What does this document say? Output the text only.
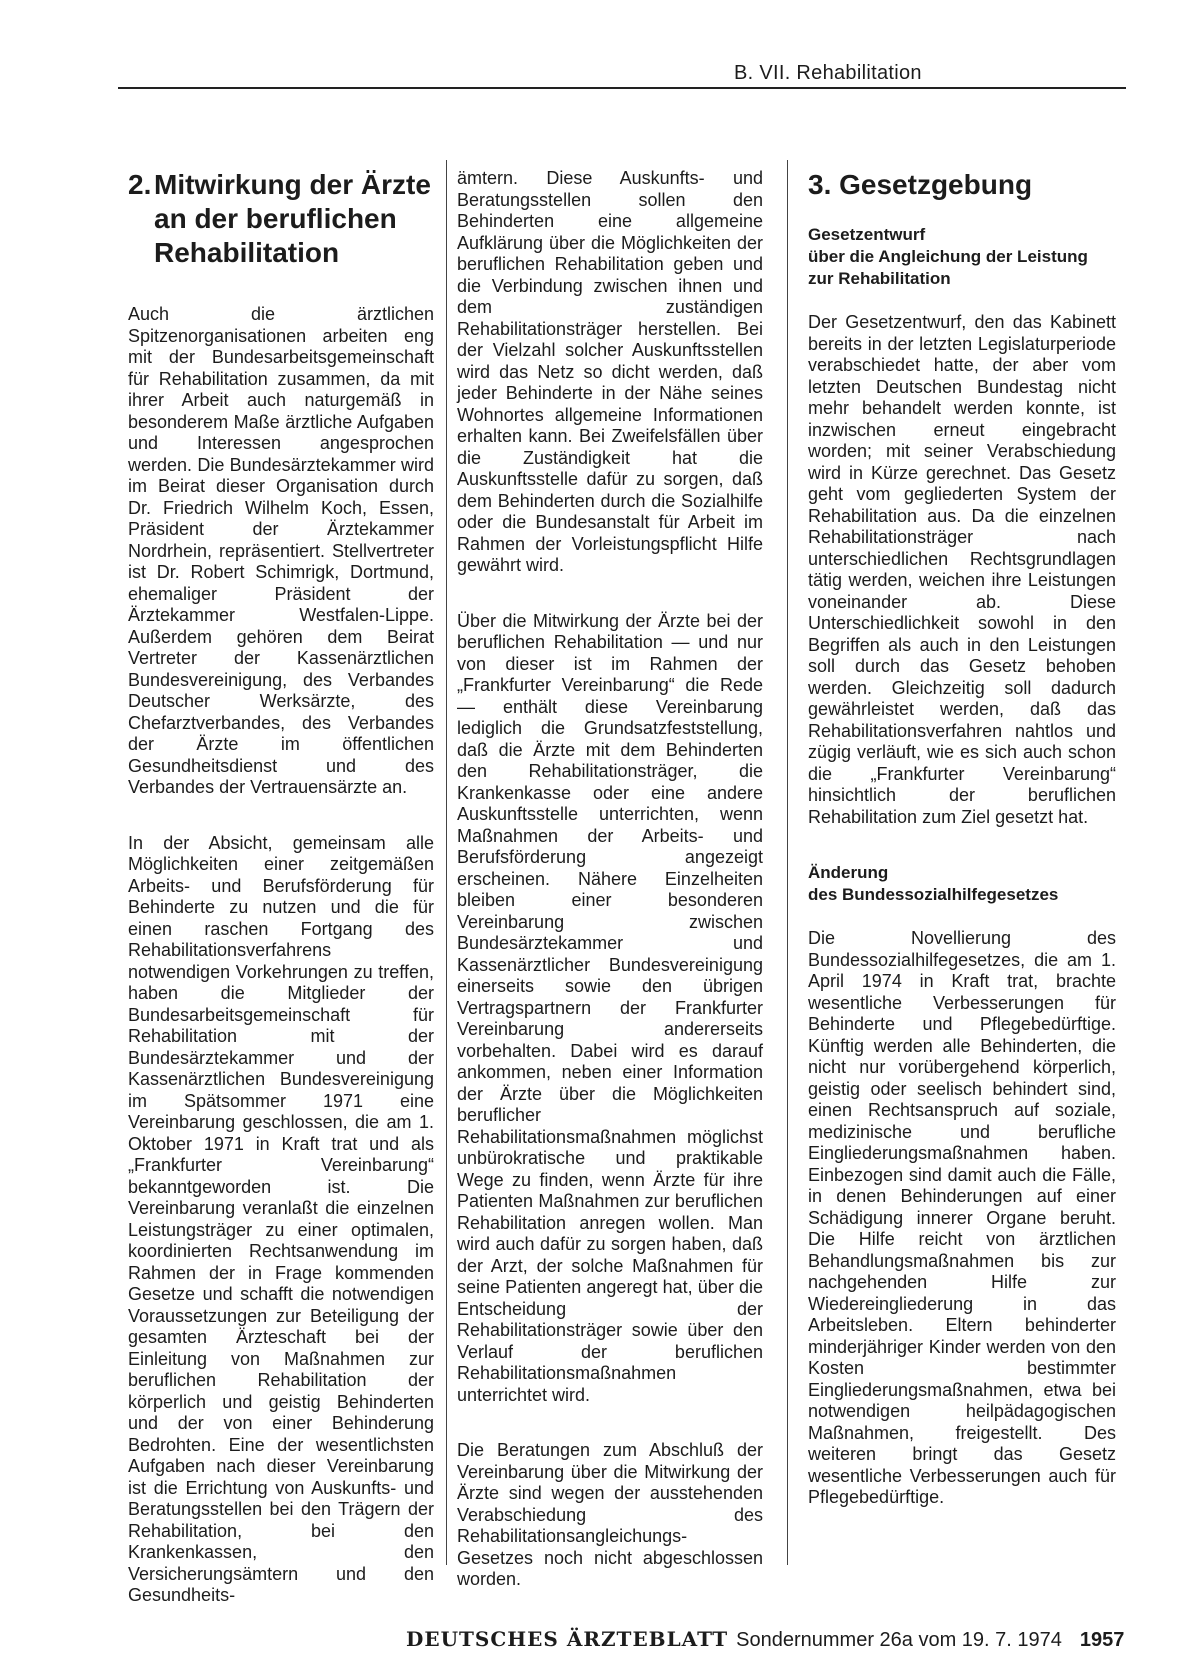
B. VII. Rehabilitation
2.Mitwirkung der Ärzte
an der beruflichen
Rehabilitation

Auch die ärztlichen Spitzenorganisationen arbeiten eng mit der Bundesarbeitsgemeinschaft für Rehabilitation zusammen, da mit ihrer Arbeit auch naturgemäß in besonderem Maße ärztliche Aufgaben und Interessen angesprochen werden. Die Bundesärztekammer wird im Beirat dieser Organisation durch Dr. Friedrich Wilhelm Koch, Essen, Präsident der Ärztekammer Nordrhein, repräsentiert. Stellvertreter ist Dr. Robert Schimrigk, Dortmund, ehemaliger Präsident der Ärztekammer Westfalen-Lippe. Außerdem gehören dem Beirat Vertreter der Kassenärztlichen Bundesvereinigung, des Verbandes Deutscher Werksärzte, des Chefarztverbandes, des Verbandes der Ärzte im öffentlichen Gesundheitsdienst und des Verbandes der Vertrauensärzte an.

In der Absicht, gemeinsam alle Möglichkeiten einer zeitgemäßen Arbeits- und Berufsförderung für Behinderte zu nutzen und die für einen raschen Fortgang des Rehabilitationsverfahrens notwendigen Vorkehrungen zu treffen, haben die Mitglieder der Bundesarbeitsgemeinschaft für Rehabilitation mit der Bundesärztekammer und der Kassenärztlichen Bundesvereinigung im Spätsommer 1971 eine Vereinbarung geschlossen, die am 1. Oktober 1971 in Kraft trat und als „Frankfurter Vereinbarung“ bekanntgeworden ist. Die Vereinbarung veranlaßt die einzelnen Leistungsträger zu einer optimalen, koordinierten Rechtsanwendung im Rahmen der in Frage kommenden Gesetze und schafft die notwendigen Voraussetzungen zur Beteiligung der gesamten Ärzteschaft bei der Einleitung von Maßnahmen zur beruflichen Rehabilitation der körperlich und geistig Behinderten und der von einer Behinderung Bedrohten. Eine der wesentlichsten Aufgaben nach dieser Vereinbarung ist die Errichtung von Auskunfts- und Beratungsstellen bei den Trägern der Rehabilitation, bei den Krankenkassen, den Versicherungsämtern und den Gesundheits-

ämtern. Diese Auskunfts- und Beratungsstellen sollen den Behinderten eine allgemeine Aufklärung über die Möglichkeiten der beruflichen Rehabilitation geben und die Verbindung zwischen ihnen und dem zuständigen Rehabilitationsträger herstellen. Bei der Vielzahl solcher Auskunftsstellen wird das Netz so dicht werden, daß jeder Behinderte in der Nähe seines Wohnortes allgemeine Informationen erhalten kann. Bei Zweifelsfällen über die Zuständigkeit hat die Auskunftsstelle dafür zu sorgen, daß dem Behinderten durch die Sozialhilfe oder die Bundesanstalt für Arbeit im Rahmen der Vorleistungspflicht Hilfe gewährt wird.

Über die Mitwirkung der Ärzte bei der beruflichen Rehabilitation — und nur von dieser ist im Rahmen der „Frankfurter Vereinbarung“ die Rede — enthält diese Vereinbarung lediglich die Grundsatzfeststellung, daß die Ärzte mit dem Behinderten den Rehabilitationsträger, die Krankenkasse oder eine andere Auskunftsstelle unterrichten, wenn Maßnahmen der Arbeits- und Berufsförderung angezeigt erscheinen. Nähere Einzelheiten bleiben einer besonderen Vereinbarung zwischen Bundesärztekammer und Kassenärztlicher Bundesvereinigung einerseits sowie den übrigen Vertragspartnern der Frankfurter Vereinbarung andererseits vorbehalten. Dabei wird es darauf ankommen, neben einer Information der Ärzte über die Möglichkeiten beruflicher Rehabilitationsmaßnahmen möglichst unbürokratische und praktikable Wege zu finden, wenn Ärzte für ihre Patienten Maßnahmen zur beruflichen Rehabilitation anregen wollen. Man wird auch dafür zu sorgen haben, daß der Arzt, der solche Maßnahmen für seine Patienten angeregt hat, über die Entscheidung der Rehabilitationsträger sowie über den Verlauf der beruflichen Rehabilitationsmaßnahmen unterrichtet wird.

Die Beratungen zum Abschluß der Vereinbarung über die Mitwirkung der Ärzte sind wegen der ausstehenden Verabschiedung des Rehabilitationsangleichungs-Gesetzes noch nicht abgeschlossen worden.

3. Gesetzgebung
Gesetzentwurf
über die Angleichung der Leistung
zur Rehabilitation

Der Gesetzentwurf, den das Kabinett bereits in der letzten Legislaturperiode verabschiedet hatte, der aber vom letzten Deutschen Bundestag nicht mehr behandelt werden konnte, ist inzwischen erneut eingebracht worden; mit seiner Verabschiedung wird in Kürze gerechnet. Das Gesetz geht vom gegliederten System der Rehabilitation aus. Da die einzelnen Rehabilitationsträger nach unterschiedlichen Rechtsgrundlagen tätig werden, weichen ihre Leistungen voneinander ab. Diese Unterschiedlichkeit sowohl in den Begriffen als auch in den Leistungen soll durch das Gesetz behoben werden. Gleichzeitig soll dadurch gewährleistet werden, daß das Rehabilitationsverfahren nahtlos und zügig verläuft, wie es sich auch schon die „Frankfurter Vereinbarung“ hinsichtlich der beruflichen Rehabilitation zum Ziel gesetzt hat.

Änderung
des Bundessozialhilfegesetzes

Die Novellierung des Bundessozialhilfegesetzes, die am 1. April 1974 in Kraft trat, brachte wesentliche Verbesserungen für Behinderte und Pflegebedürftige. Künftig werden alle Behinderten, die nicht nur vorübergehend körperlich, geistig oder seelisch behindert sind, einen Rechtsanspruch auf soziale, medizinische und berufliche Eingliederungsmaßnahmen haben. Einbezogen sind damit auch die Fälle, in denen Behinderungen auf einer Schädigung innerer Organe beruht. Die Hilfe reicht von ärztlichen Behandlungsmaßnahmen bis zur nachgehenden Hilfe zur Wiedereingliederung in das Arbeitsleben. Eltern behinderter minderjähriger Kinder werden von den Kosten bestimmter Eingliederungsmaßnahmen, etwa bei notwendigen heilpädagogischen Maßnahmen, freigestellt. Des weiteren bringt das Gesetz wesentliche Verbesserungen auch für Pflegebedürftige.

DEUTSCHES ÄRZTEBLATT Sondernummer 26a vom 19. 7. 1974 1957
